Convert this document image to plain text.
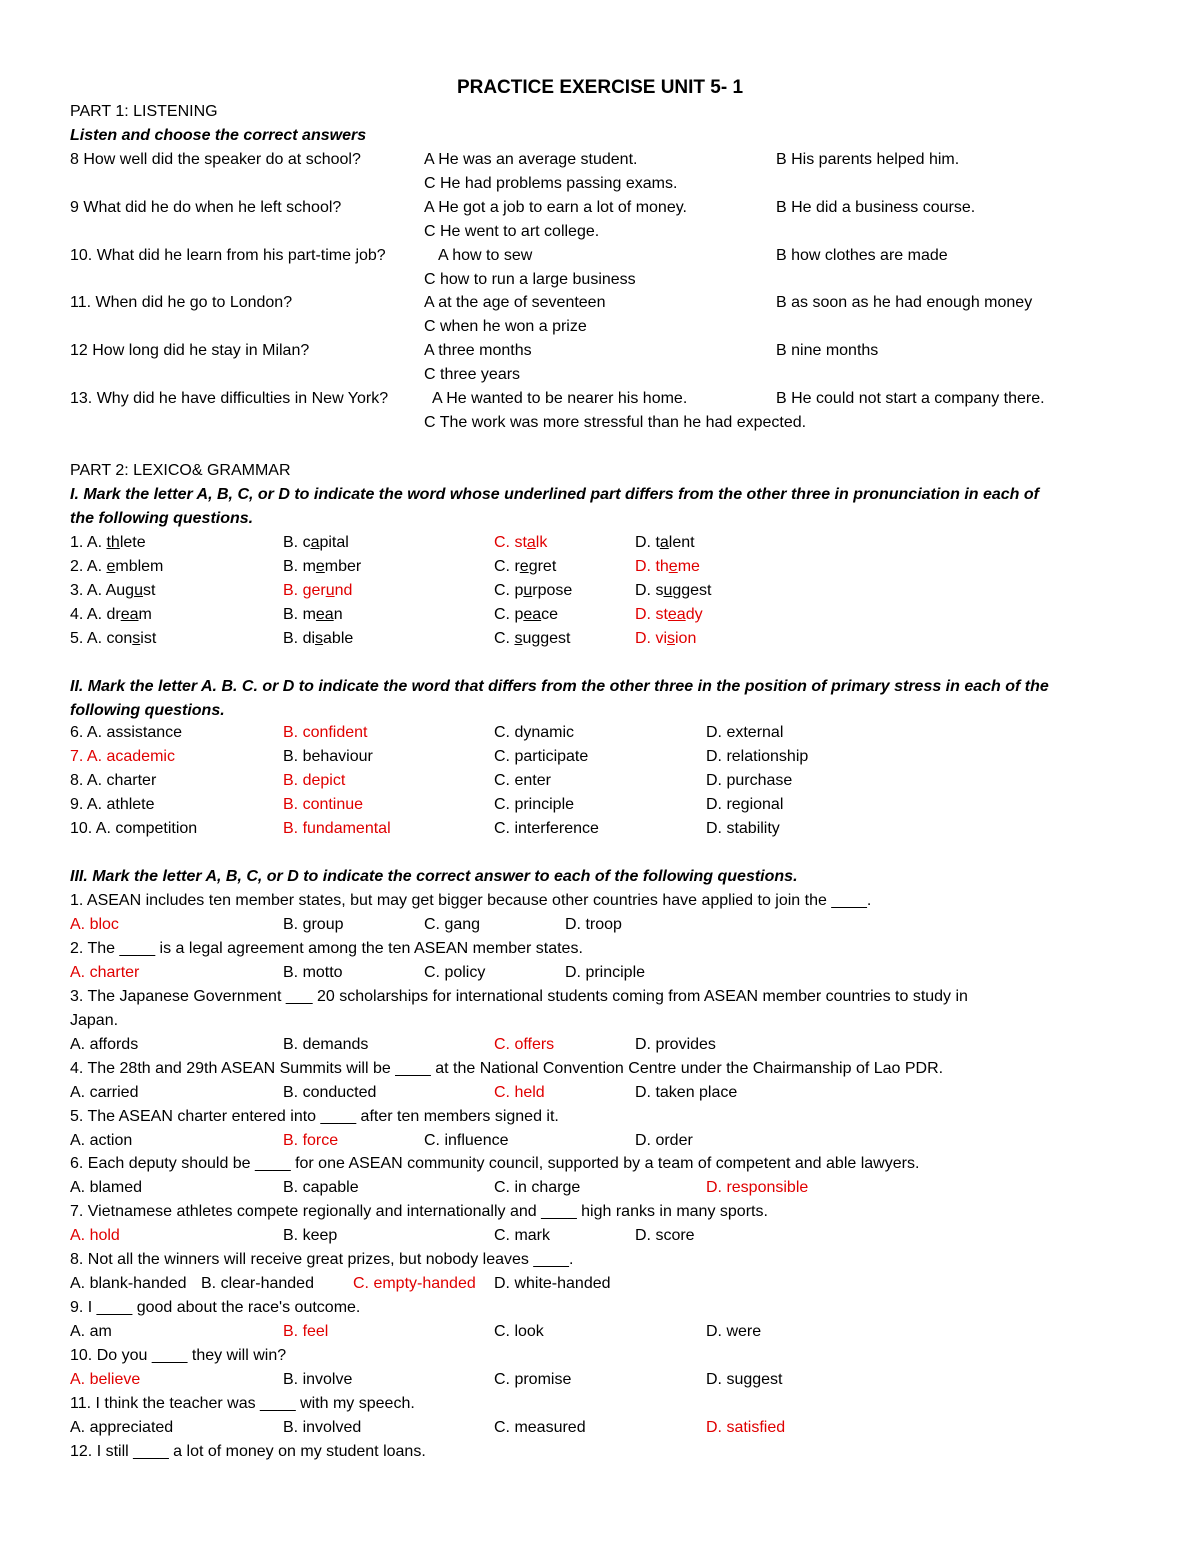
PRACTICE EXERCISE UNIT 5- 1
PART 1: LISTENING
Listen and choose the correct answers
8 How well did the speaker do at school?	A He was an average student.	B His parents helped him.
C He had problems passing exams.
9 What did he do when he left school?	A He got a job to earn a lot of money.	B He did a business course.
C He went to art college.
10. What did he learn from his part-time job?	A how to sew	B how clothes are made
C how to run a large business
11. When did he go to London?	A at the age of seventeen	B as soon as he had enough money
C when he won a prize
12 How long did he stay in Milan?	A three months	B nine months
C three years
13. Why did he have difficulties in New York?	A He wanted to be nearer his home.	B He could not start a company there.
C The work was more stressful than he had expected.
PART 2: LEXICO& GRAMMAR
I. Mark the letter A, B, C, or D to indicate the word whose underlined part differs from the other three in pronunciation in each of
the following questions.
1. A. thlete	B. capital	C. stalk	D. talent
2. A. emblem	B. member	C. regret	D. theme
3. A. August	B. gerund	C. purpose	D. suggest
4. A. dream	B. mean	C. peace	D. steady
5. A. consist	B. disable	C. suggest	D. vision
II. Mark the letter A. B. C. or D to indicate the word that differs from the other three in the position of primary stress in each of the
following questions.
6. A. assistance	B. confident	C. dynamic	D. external
7. A. academic	B. behaviour	C. participate	D. relationship
8. A. charter	B. depict	C. enter	D. purchase
9. A. athlete	B. continue	C. principle	D. regional
10. A. competition	B. fundamental	C. interference	D. stability
III. Mark the letter A, B, C, or D to indicate the correct answer to each of the following questions.
1. ASEAN includes ten member states, but may get bigger because other countries have applied to join the ____.
A. bloc	B. group	C. gang	D. troop
2. The ____ is a legal agreement among the ten ASEAN member states.
A. charter	B. motto	C. policy	D. principle
3. The Japanese Government ___ 20 scholarships for international students coming from ASEAN member countries to study in
Japan.
A. affords	B. demands	C. offers	D. provides
4. The 28th and 29th ASEAN Summits will be ____ at the National Convention Centre under the Chairmanship of Lao PDR.
A. carried	B. conducted	C. held	D. taken place
5. The ASEAN charter entered into ____ after ten members signed it.
A. action	B. force	C. influence	D. order
6. Each deputy should be ____ for one ASEAN community council, supported by a team of competent and able lawyers.
A. blamed	B. capable	C. in charge	D. responsible
7. Vietnamese athletes compete regionally and internationally and ____ high ranks in many sports.
A. hold	B. keep	C. mark	D. score
8. Not all the winners will receive great prizes, but nobody leaves ____.
A. blank-handed B. clear-handed C. empty-handed D. white-handed
9. I ____ good about the race's outcome.
A. am	B. feel	C. look	D. were
10. Do you ____ they will win?
A. believe	B. involve	C. promise	D. suggest
11. I think the teacher was ____ with my speech.
A. appreciated	B. involved	C. measured	D. satisfied
12. I still ____ a lot of money on my student loans.
